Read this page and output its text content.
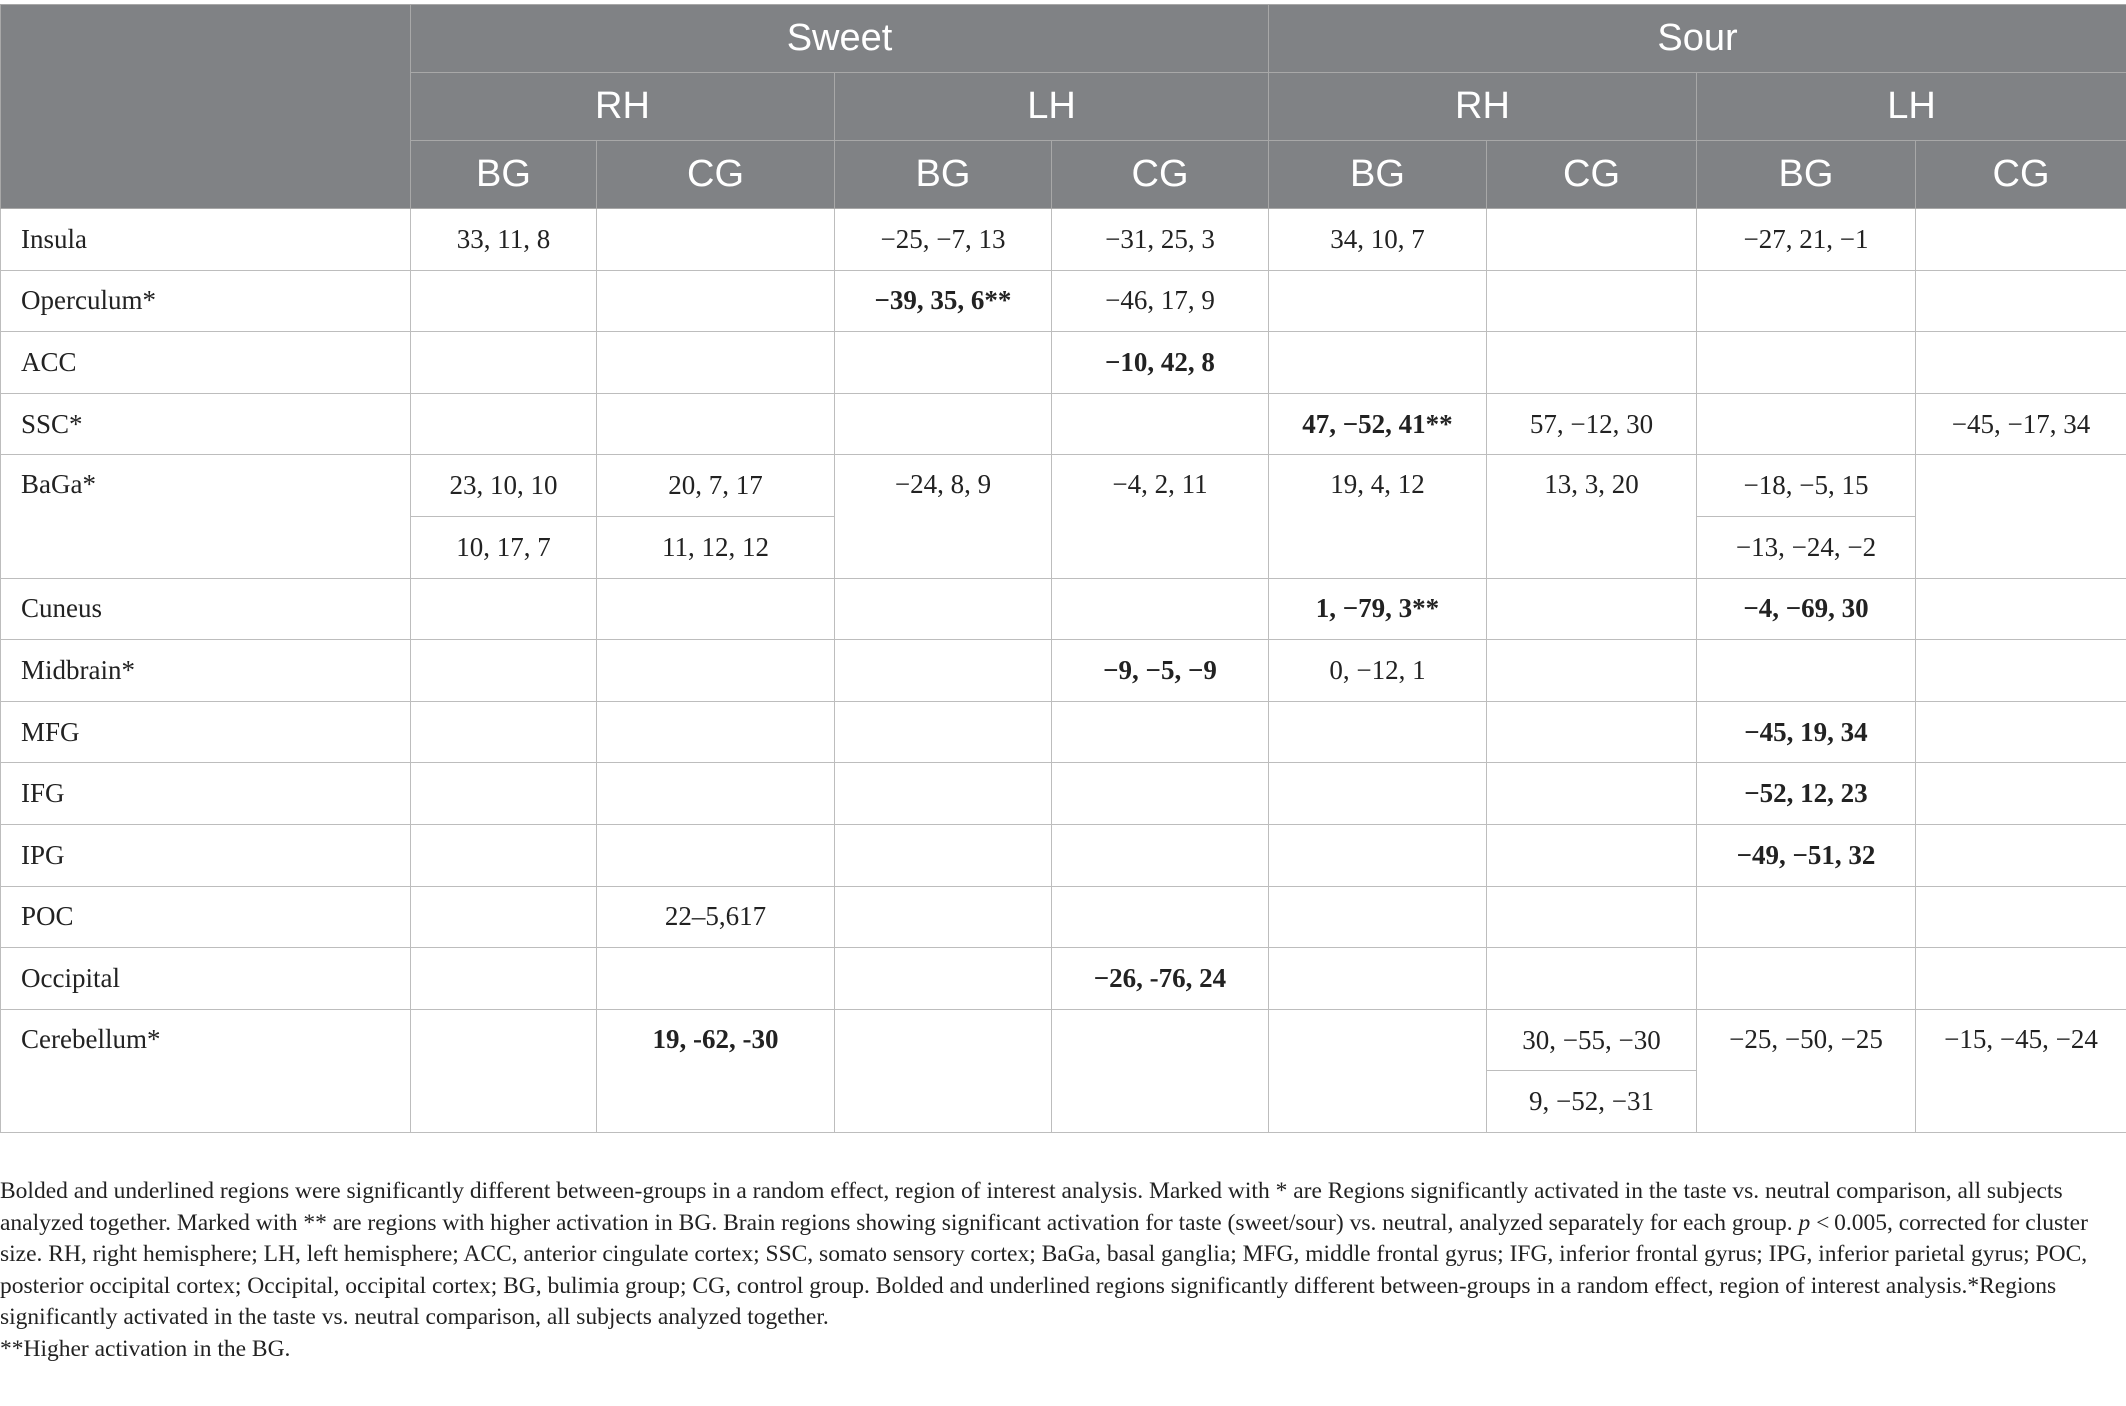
	Sweet				Sour			
	RH		LH		RH		LH	
	BG	CG	BG	CG	BG	CG	BG	CG
Insula	33, 11, 8		−25, −7, 13	−31, 25, 3	34, 10, 7		−27, 21, −1	
Operculum*			−39, 35, 6**	−46, 17, 9				
ACC				−10, 42, 8				
SSC*					47, −52, 41**	57, −12, 30		−45, −17, 34
BaGa*	23, 10, 10	20, 7, 17	−24, 8, 9	−4, 2, 11	19, 4, 12	13, 3, 20	−18, −5, 15	
	10, 17, 7	11, 12, 12					−13, −24, −2	
Cuneus					1, −79, 3**		−4, −69, 30	
Midbrain*				−9, −5, −9	0, −12, 1			
MFG							−45, 19, 34	
IFG							−52, 12, 23	
IPG							−49, −51, 32	
POC		22–5,617						
Occipital				−26, -76, 24				
Cerebellum*		19, -62, -30				30, −55, −30	−25, −50, −25	−15, −45, −24
						9, −52, −31		

Bolded and underlined regions were significantly different between-groups in a random effect, region of interest analysis. Marked with * are Regions significantly activated in the taste vs. neutral comparison, all subjects analyzed together. Marked with ** are regions with higher activation in BG. Brain regions showing significant activation for taste (sweet/sour) vs. neutral, analyzed separately for each group. p < 0.005, corrected for cluster size. RH, right hemisphere; LH, left hemisphere; ACC, anterior cingulate cortex; SSC, somato sensory cortex; BaGa, basal ganglia; MFG, middle frontal gyrus; IFG, inferior frontal gyrus; IPG, inferior parietal gyrus; POC, posterior occipital cortex; Occipital, occipital cortex; BG, bulimia group; CG, control group. Bolded and underlined regions significantly different between-groups in a random effect, region of interest analysis.*Regions significantly activated in the taste vs. neutral comparison, all subjects analyzed together.

**Higher activation in the BG.
